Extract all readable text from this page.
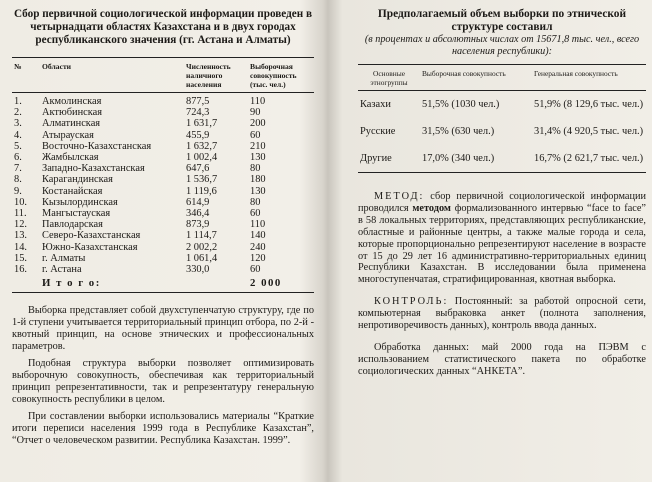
Сбор первичной социологической информации проведен в четырнадцати областях Казахстана и в двух городах республиканского значения (гг. Астана и Алматы)

№	Области	Численность наличного населения	Выборочная совокупность (тыс. чел.)
1.	Акмолинская	877,5	110
2.	Актюбинская	724,3	90
3.	Алматинская	1 631,7	200
4.	Атырауская	455,9	60
5.	Восточно-Казахстанская	1 632,7	210
6.	Жамбылская	1 002,4	130
7.	Западно-Казахстанская	647,6	80
8.	Карагандинская	1 536,7	180
9.	Костанайская	1 119,6	130
10.	Кызылординская	614,9	80
11.	Мангыстауская	346,4	60
12.	Павлодарская	873,9	110
13.	Северо-Казахстанская	1 114,7	140
14.	Южно-Казахстанская	2 002,2	240
15.	г. Алматы	1 061,4	120
16.	г. Астана	330,0	60
	И т о г о:		2 000

Выборка представляет собой двухступенчатую структуру, где по 1-й ступени учитывается территориальный принцип отбора, по 2-й - квотный принцип, на основе этнических и профессиональных параметров.

Подобная структура выборки позволяет оптимизировать выборочную совокупность, обеспечивая как территориальный принцип репрезентативности, так и репрезентатуру генеральную совокупность республики в целом.

При составлении выборки использовались материалы “Краткие итоги переписи населения 1999 года в Республике Казахстан”, “Отчет о человеческом развитии. Республика Казахстан. 1999”.

Предполагаемый объем выборки по этнической структуре составил

(в процентах и абсолютных числах от 15671,8 тыс. чел., всего населения республики):

Основные этногруппы	Выборочная совокупность	Генеральная совокупность
Казахи	51,5% (1030 чел.)	51,9% (8 129,6 тыс. чел.)
Русские	31,5% (630 чел.)	31,4% (4 920,5 тыс. чел.)
Другие	17,0% (340 чел.)	16,7% (2 621,7 тыс. чел.)

МЕТОД: сбор первичной социологической информации проводился методом формализованного интервью “face to face” в 58 локальных территориях, представляющих республиканские, областные и районные центры, а также малые города и села, которые пропорционально репрезентируют население в возрасте от 15 до 29 лет 16 административно-территориальных единиц Республики Казахстан. В исследовании была применена многоступенчатая, стратифицированная, квотная выборка.

КОНТРОЛЬ: Постоянный: за работой опросной сети, компьютерная выбраковка анкет (полнота заполнения, непротиворечивость данных), контроль ввода данных.

Обработка данных: май 2000 года на ПЭВМ с использованием статистического пакета по обработке социологических данных “АНКЕТА”.
